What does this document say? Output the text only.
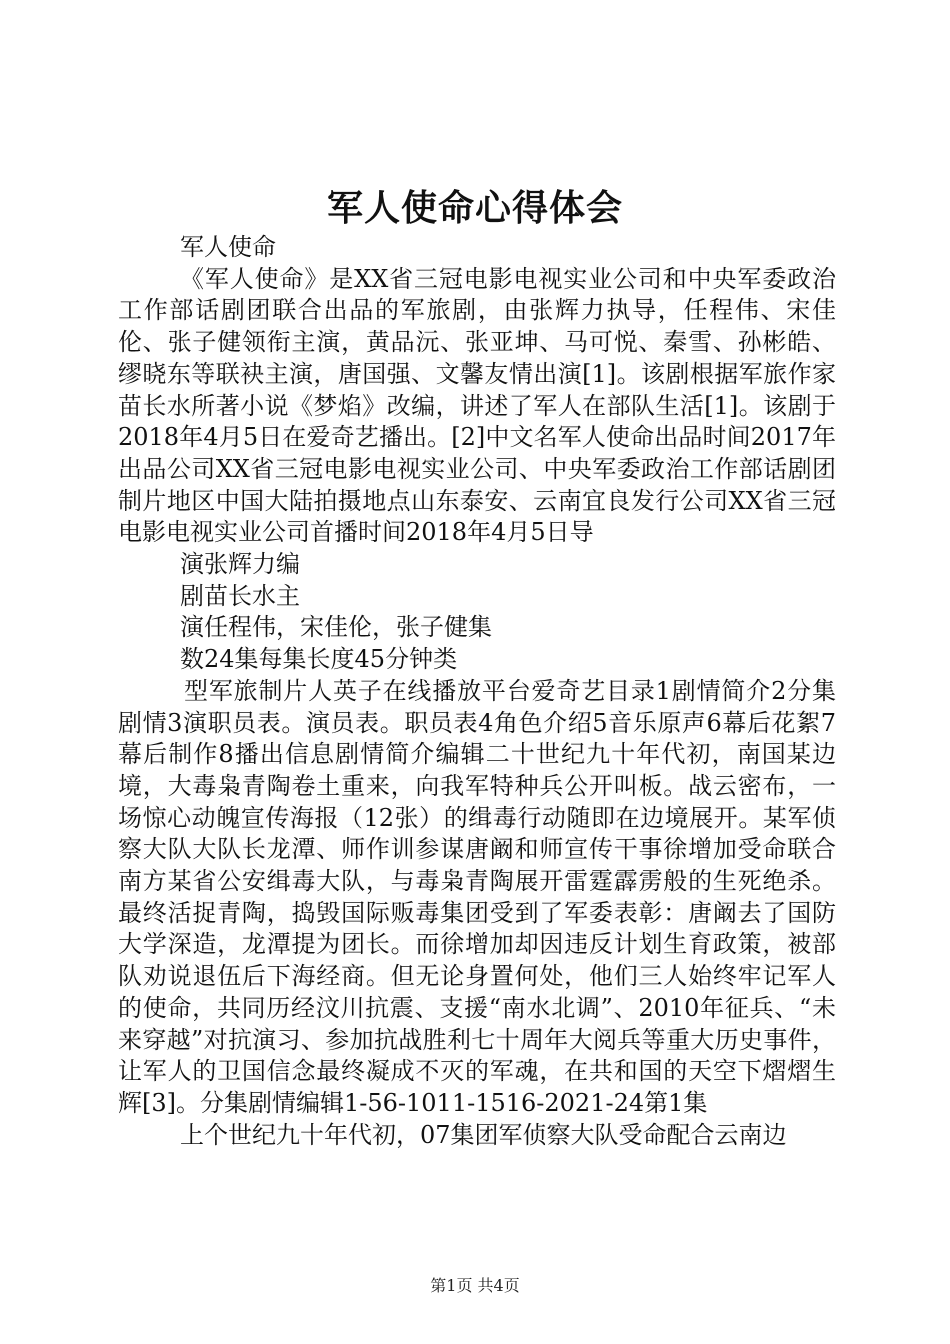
军人使命心得体会

军人使命

《军人使命》是XX省三冠电影电视实业公司和中央军委政治工作部话剧团联合出品的军旅剧，由张辉力执导，任程伟、宋佳伦、张子健领衔主演，黄品沅、张亚坤、马可悦、秦雪、孙彬皓、缪晓东等联袂主演，唐国强、文馨友情出演[1]。该剧根据军旅作家苗长水所著小说《梦焰》改编，讲述了军人在部队生活[1]。该剧于2018年4月5日在爱奇艺播出。[2]中文名军人使命出品时间2017年出品公司XX省三冠电影电视实业公司、中央军委政治工作部话剧团制片地区中国大陆拍摄地点山东泰安、云南宜良发行公司XX省三冠电影电视实业公司首播时间2018年4月5日导

演张辉力编

剧苗长水主

演任程伟，宋佳伦，张子健集

数24集每集长度45分钟类

型军旅制片人英子在线播放平台爱奇艺目录1剧情简介2分集剧情3演职员表。演员表。职员表4角色介绍5音乐原声6幕后花絮7幕后制作8播出信息剧情简介编辑二十世纪九十年代初，南国某边境，大毒枭青陶卷土重来，向我军特种兵公开叫板。战云密布，一场惊心动魄宣传海报（12张）的缉毒行动随即在边境展开。某军侦察大队大队长龙潭、师作训参谋唐阚和师宣传干事徐增加受命联合南方某省公安缉毒大队，与毒枭青陶展开雷霆霹雳般的生死绝杀。最终活捉青陶，捣毁国际贩毒集团受到了军委表彰：唐阚去了国防大学深造，龙潭提为团长。而徐增加却因违反计划生育政策，被部队劝说退伍后下海经商。但无论身置何处，他们三人始终牢记军人的使命，共同历经汶川抗震、支援“南水北调”、2010年征兵、“未来穿越”对抗演习、参加抗战胜利七十周年大阅兵等重大历史事件，让军人的卫国信念最终凝成不灭的军魂，在共和国的天空下熠熠生辉[3]。分集剧情编辑1-56-1011-1516-2021-24第1集

上个世纪九十年代初，07集团军侦察大队受命配合云南边

第1页 共4页
